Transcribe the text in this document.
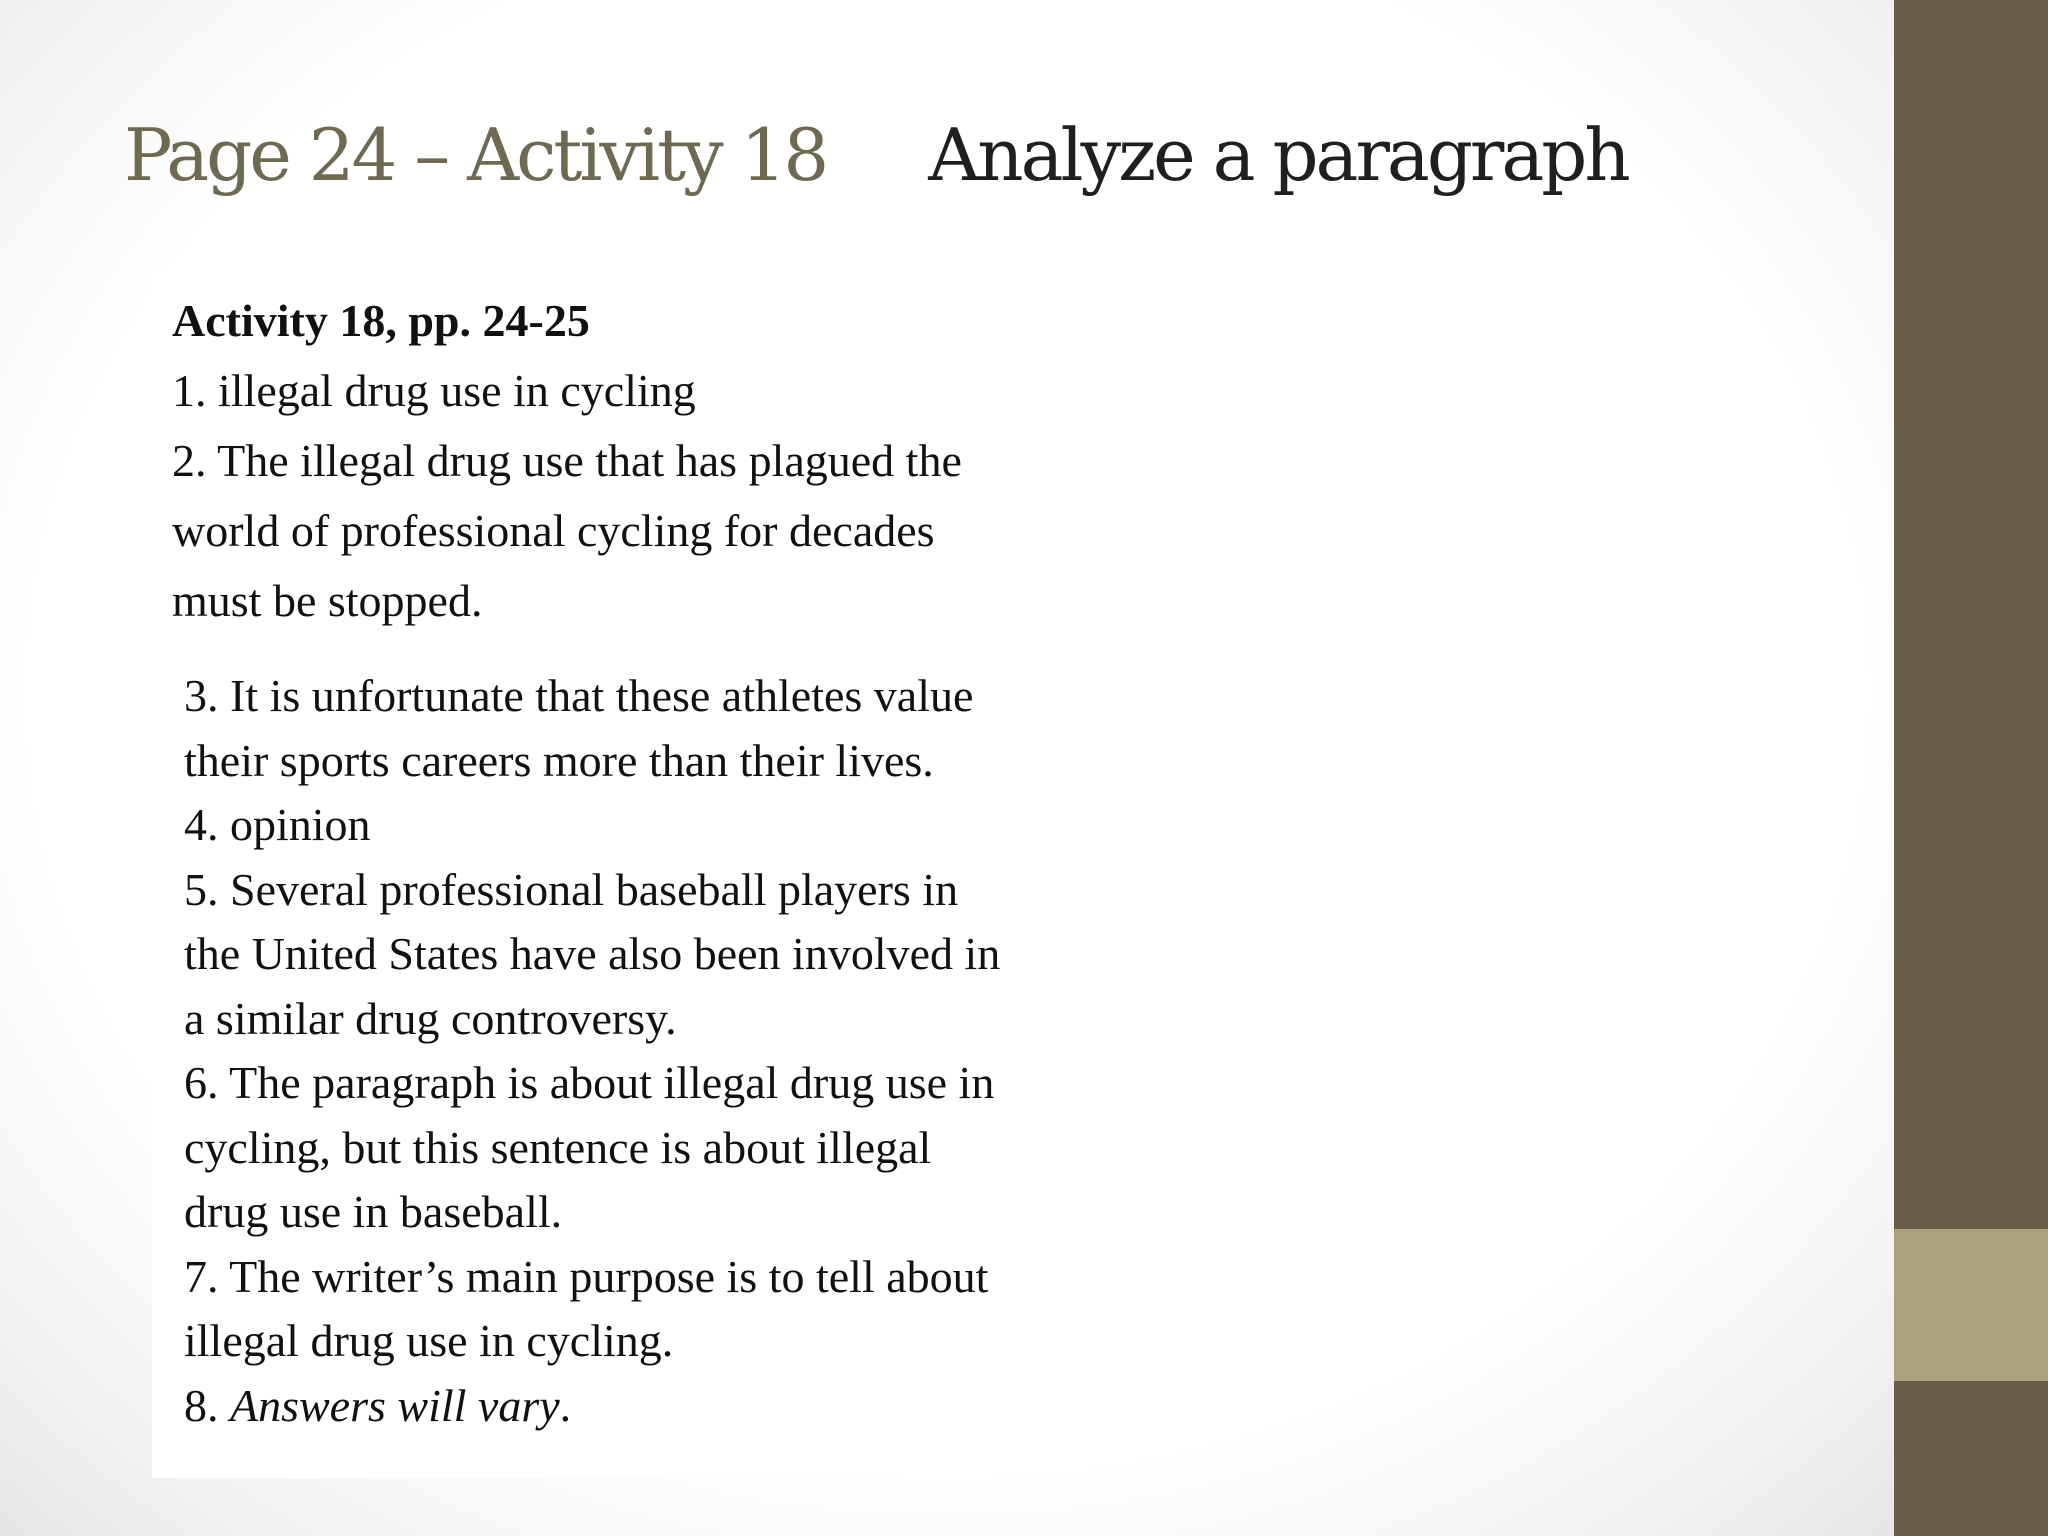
Page 24 – Activity 18 Analyze a paragraph
Activity 18, pp. 24-25
1. illegal drug use in cycling
2. The illegal drug use that has plagued the
world of professional cycling for decades
must be stopped.
3. It is unfortunate that these athletes value
their sports careers more than their lives.
4. opinion
5. Several professional baseball players in
the United States have also been involved in
a similar drug controversy.
6. The paragraph is about illegal drug use in
cycling, but this sentence is about illegal
drug use in baseball.
7. The writer’s main purpose is to tell about
illegal drug use in cycling.
8. Answers will vary.
